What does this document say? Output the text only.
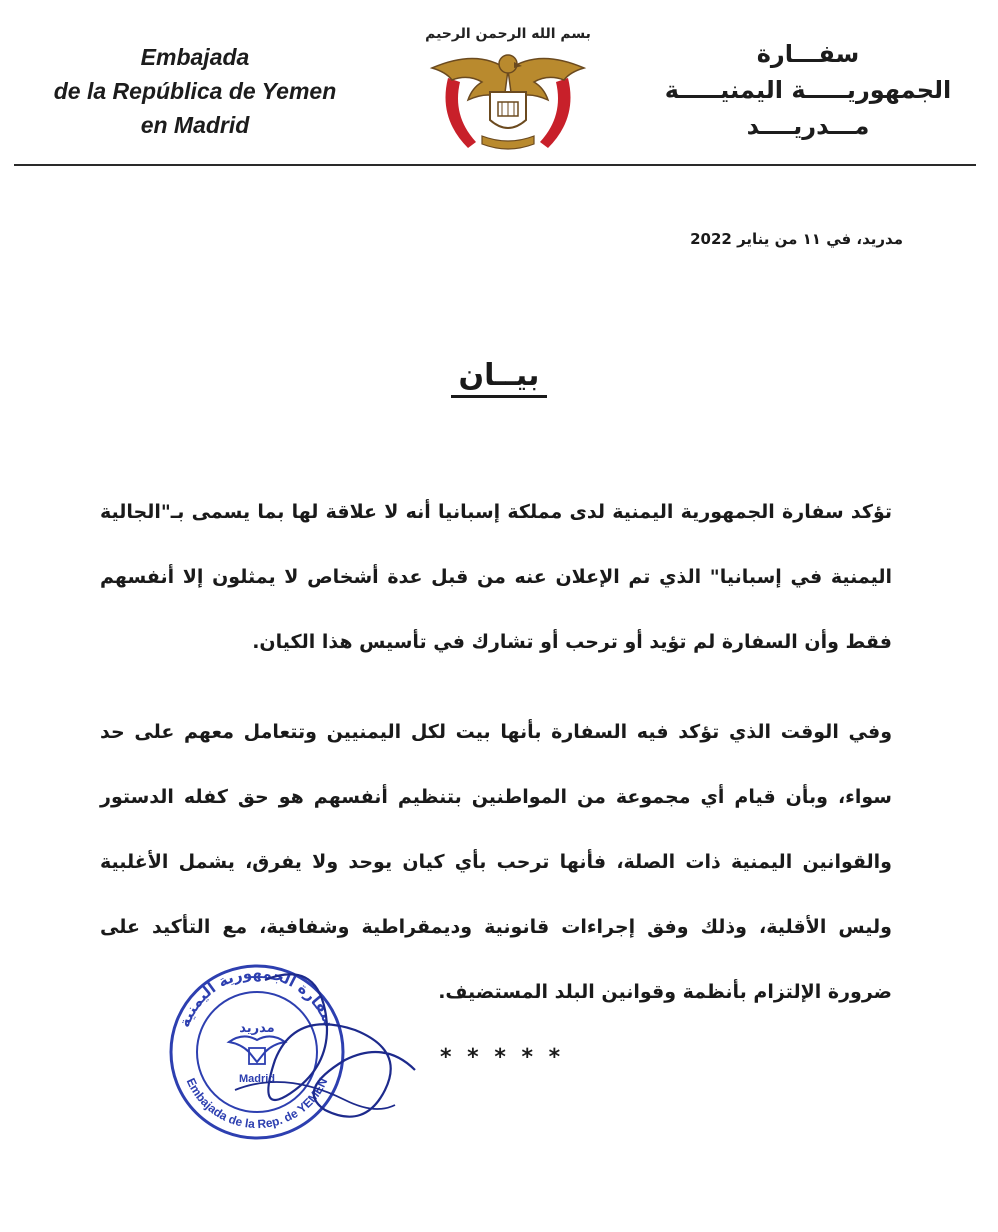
Embajada
de la República de Yemen
en Madrid
بسم الله الرحمن الرحيم
سفـــارة
الجمهوريـــــة اليمنيـــــة
مـــدريــــد
مدريد، في ١١ من يناير 2022
بيــان
تؤكد سفارة الجمهورية اليمنية لدى مملكة إسبانيا أنه لا علاقة لها بما يسمى بـ"الجالية اليمنية في إسبانيا" الذي تم الإعلان عنه من قبل عدة أشخاص لا يمثلون إلا أنفسهم فقط وأن السفارة لم تؤيد أو ترحب أو تشارك في تأسيس هذا الكيان.
وفي الوقت الذي تؤكد فيه السفارة بأنها بيت لكل اليمنيين وتتعامل معهم على حد سواء، وبأن قيام أي مجموعة من المواطنين بتنظيم أنفسهم هو حق كفله الدستور والقوانين اليمنية ذات الصلة، فأنها ترحب بأي كيان يوحد ولا يفرق، يشمل الأغلبية وليس الأقلية، وذلك وفق إجراءات قانونية وديمقراطية وشفافية، مع التأكيد على ضرورة الإلتزام بأنظمة وقوانين البلد المستضيف.
* * * * *
سفارة الجمهورية اليمنية
Embajada de la Rep. de YEMEN
مدريد
Madrid
